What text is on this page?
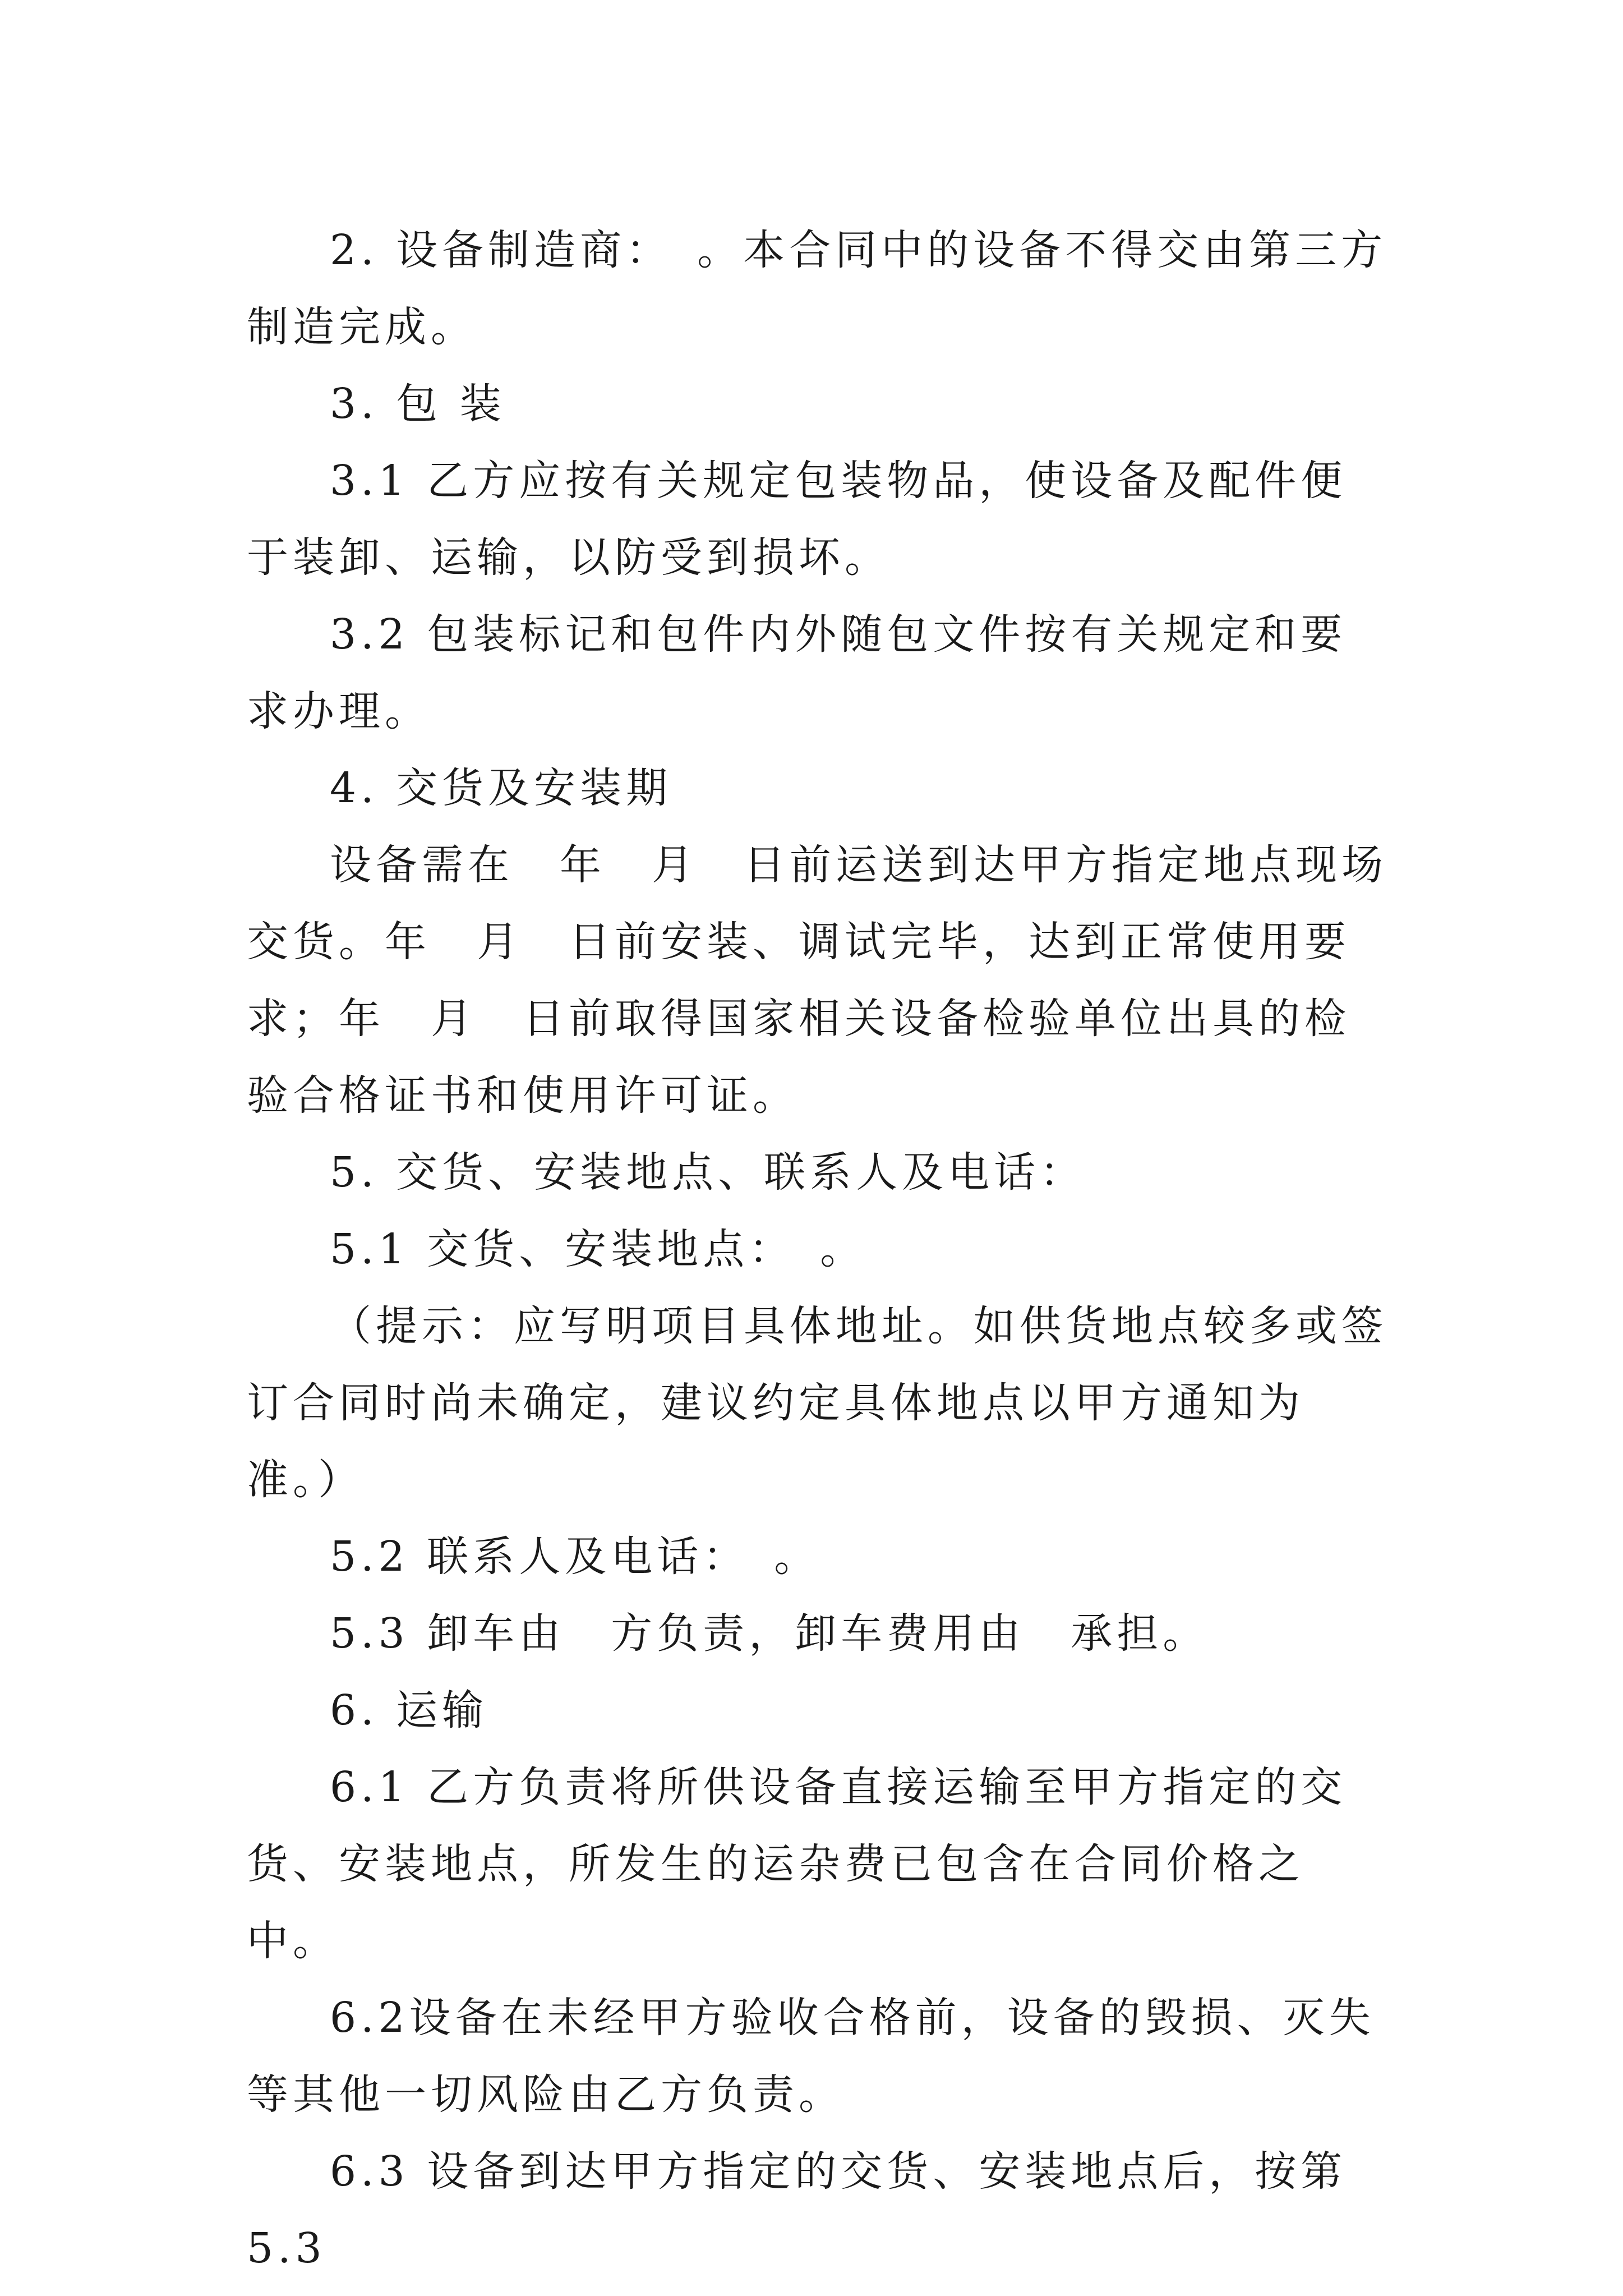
2. 设备制造商：　。本合同中的设备不得交由第三方制造完成。

3. 包 装

3.1 乙方应按有关规定包装物品，使设备及配件便于装卸、运输，以防受到损坏。

3.2 包装标记和包件内外随包文件按有关规定和要求办理。

4. 交货及安装期

设备需在　年　月　日前运送到达甲方指定地点现场交货。年　月　日前安装、调试完毕，达到正常使用要求；年　月　日前取得国家相关设备检验单位出具的检验合格证书和使用许可证。

5. 交货、安装地点、联系人及电话：

5.1 交货、安装地点：　。

（提示：应写明项目具体地址。如供货地点较多或签订合同时尚未确定，建议约定具体地点以甲方通知为准。）

5.2 联系人及电话：　。

5.3 卸车由　方负责，卸车费用由　承担。

6. 运输

6.1 乙方负责将所供设备直接运输至甲方指定的交货、安装地点，所发生的运杂费已包含在合同价格之中。

6.2设备在未经甲方验收合格前，设备的毁损、灭失等其他一切风险由乙方负责。

6.3 设备到达甲方指定的交货、安装地点后，按第5.3
